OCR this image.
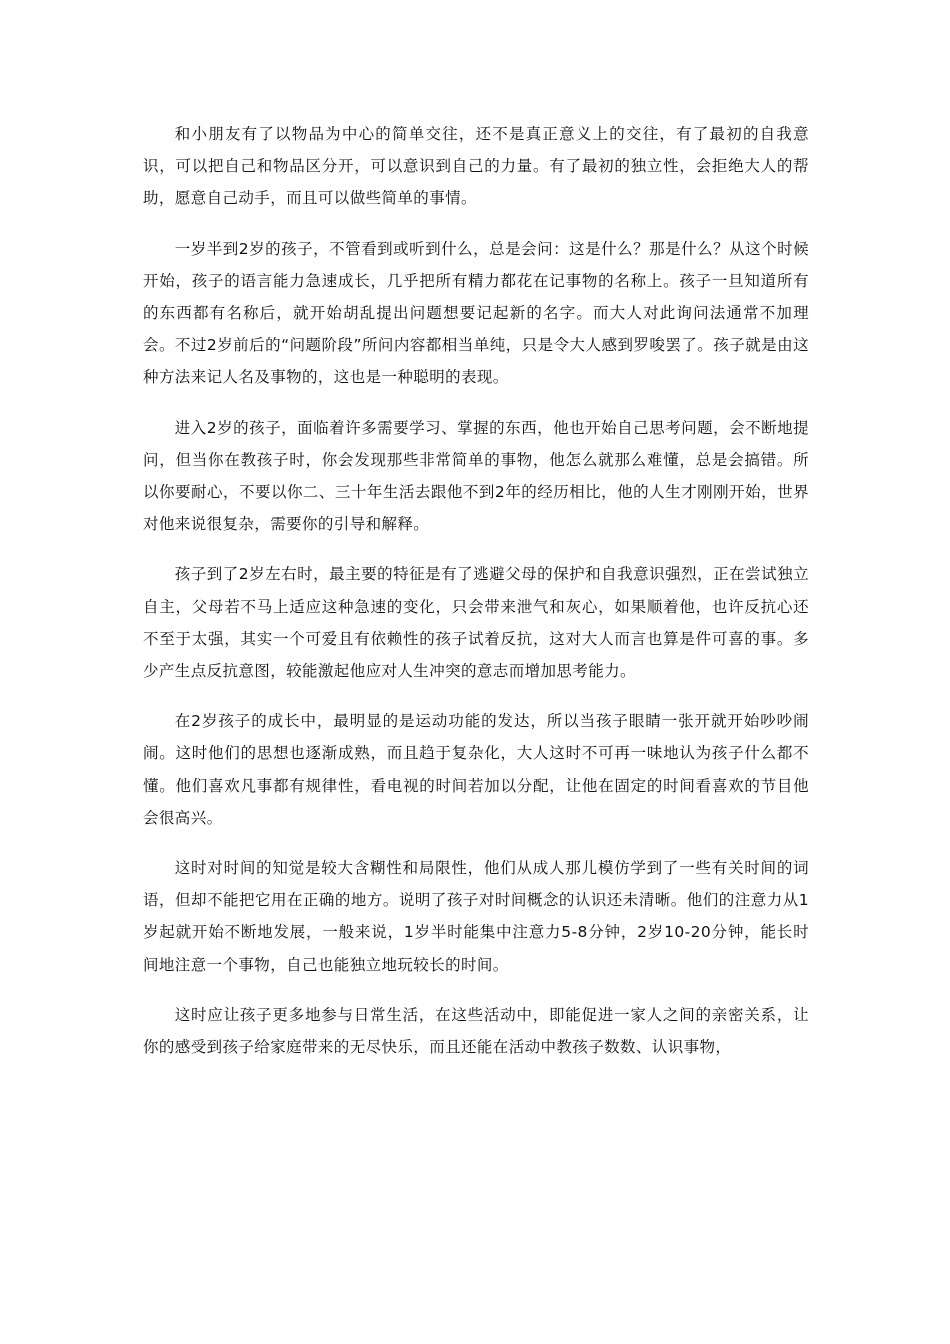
和小朋友有了以物品为中心的简单交往，还不是真正意义上的交往，有了最初的自我意识，可以把自己和物品区分开，可以意识到自己的力量。有了最初的独立性，会拒绝大人的帮助，愿意自己动手，而且可以做些简单的事情。

一岁半到2岁的孩子，不管看到或听到什么，总是会问：这是什么？那是什么？从这个时候开始，孩子的语言能力急速成长，几乎把所有精力都花在记事物的名称上。孩子一旦知道所有的东西都有名称后，就开始胡乱提出问题想要记起新的名字。而大人对此询问法通常不加理会。不过2岁前后的“问题阶段”所问内容都相当单纯，只是令大人感到罗唆罢了。孩子就是由这种方法来记人名及事物的，这也是一种聪明的表现。

进入2岁的孩子，面临着许多需要学习、掌握的东西，他也开始自己思考问题，会不断地提问，但当你在教孩子时，你会发现那些非常简单的事物，他怎么就那么难懂，总是会搞错。所以你要耐心，不要以你二、三十年生活去跟他不到2年的经历相比，他的人生才刚刚开始，世界对他来说很复杂，需要你的引导和解释。

孩子到了2岁左右时，最主要的特征是有了逃避父母的保护和自我意识强烈，正在尝试独立自主，父母若不马上适应这种急速的变化，只会带来泄气和灰心，如果顺着他，也许反抗心还不至于太强，其实一个可爱且有依赖性的孩子试着反抗，这对大人而言也算是件可喜的事。多少产生点反抗意图，较能激起他应对人生冲突的意志而增加思考能力。

在2岁孩子的成长中，最明显的是运动功能的发达，所以当孩子眼睛一张开就开始吵吵闹闹。这时他们的思想也逐渐成熟，而且趋于复杂化，大人这时不可再一味地认为孩子什么都不懂。他们喜欢凡事都有规律性，看电视的时间若加以分配，让他在固定的时间看喜欢的节目他会很高兴。

这时对时间的知觉是较大含糊性和局限性，他们从成人那儿模仿学到了一些有关时间的词语，但却不能把它用在正确的地方。说明了孩子对时间概念的认识还未清晰。他们的注意力从1岁起就开始不断地发展，一般来说，1岁半时能集中注意力5-8分钟，2岁10-20分钟，能长时间地注意一个事物，自己也能独立地玩较长的时间。

这时应让孩子更多地参与日常生活，在这些活动中，即能促进一家人之间的亲密关系，让你的感受到孩子给家庭带来的无尽快乐，而且还能在活动中教孩子数数、认识事物，
